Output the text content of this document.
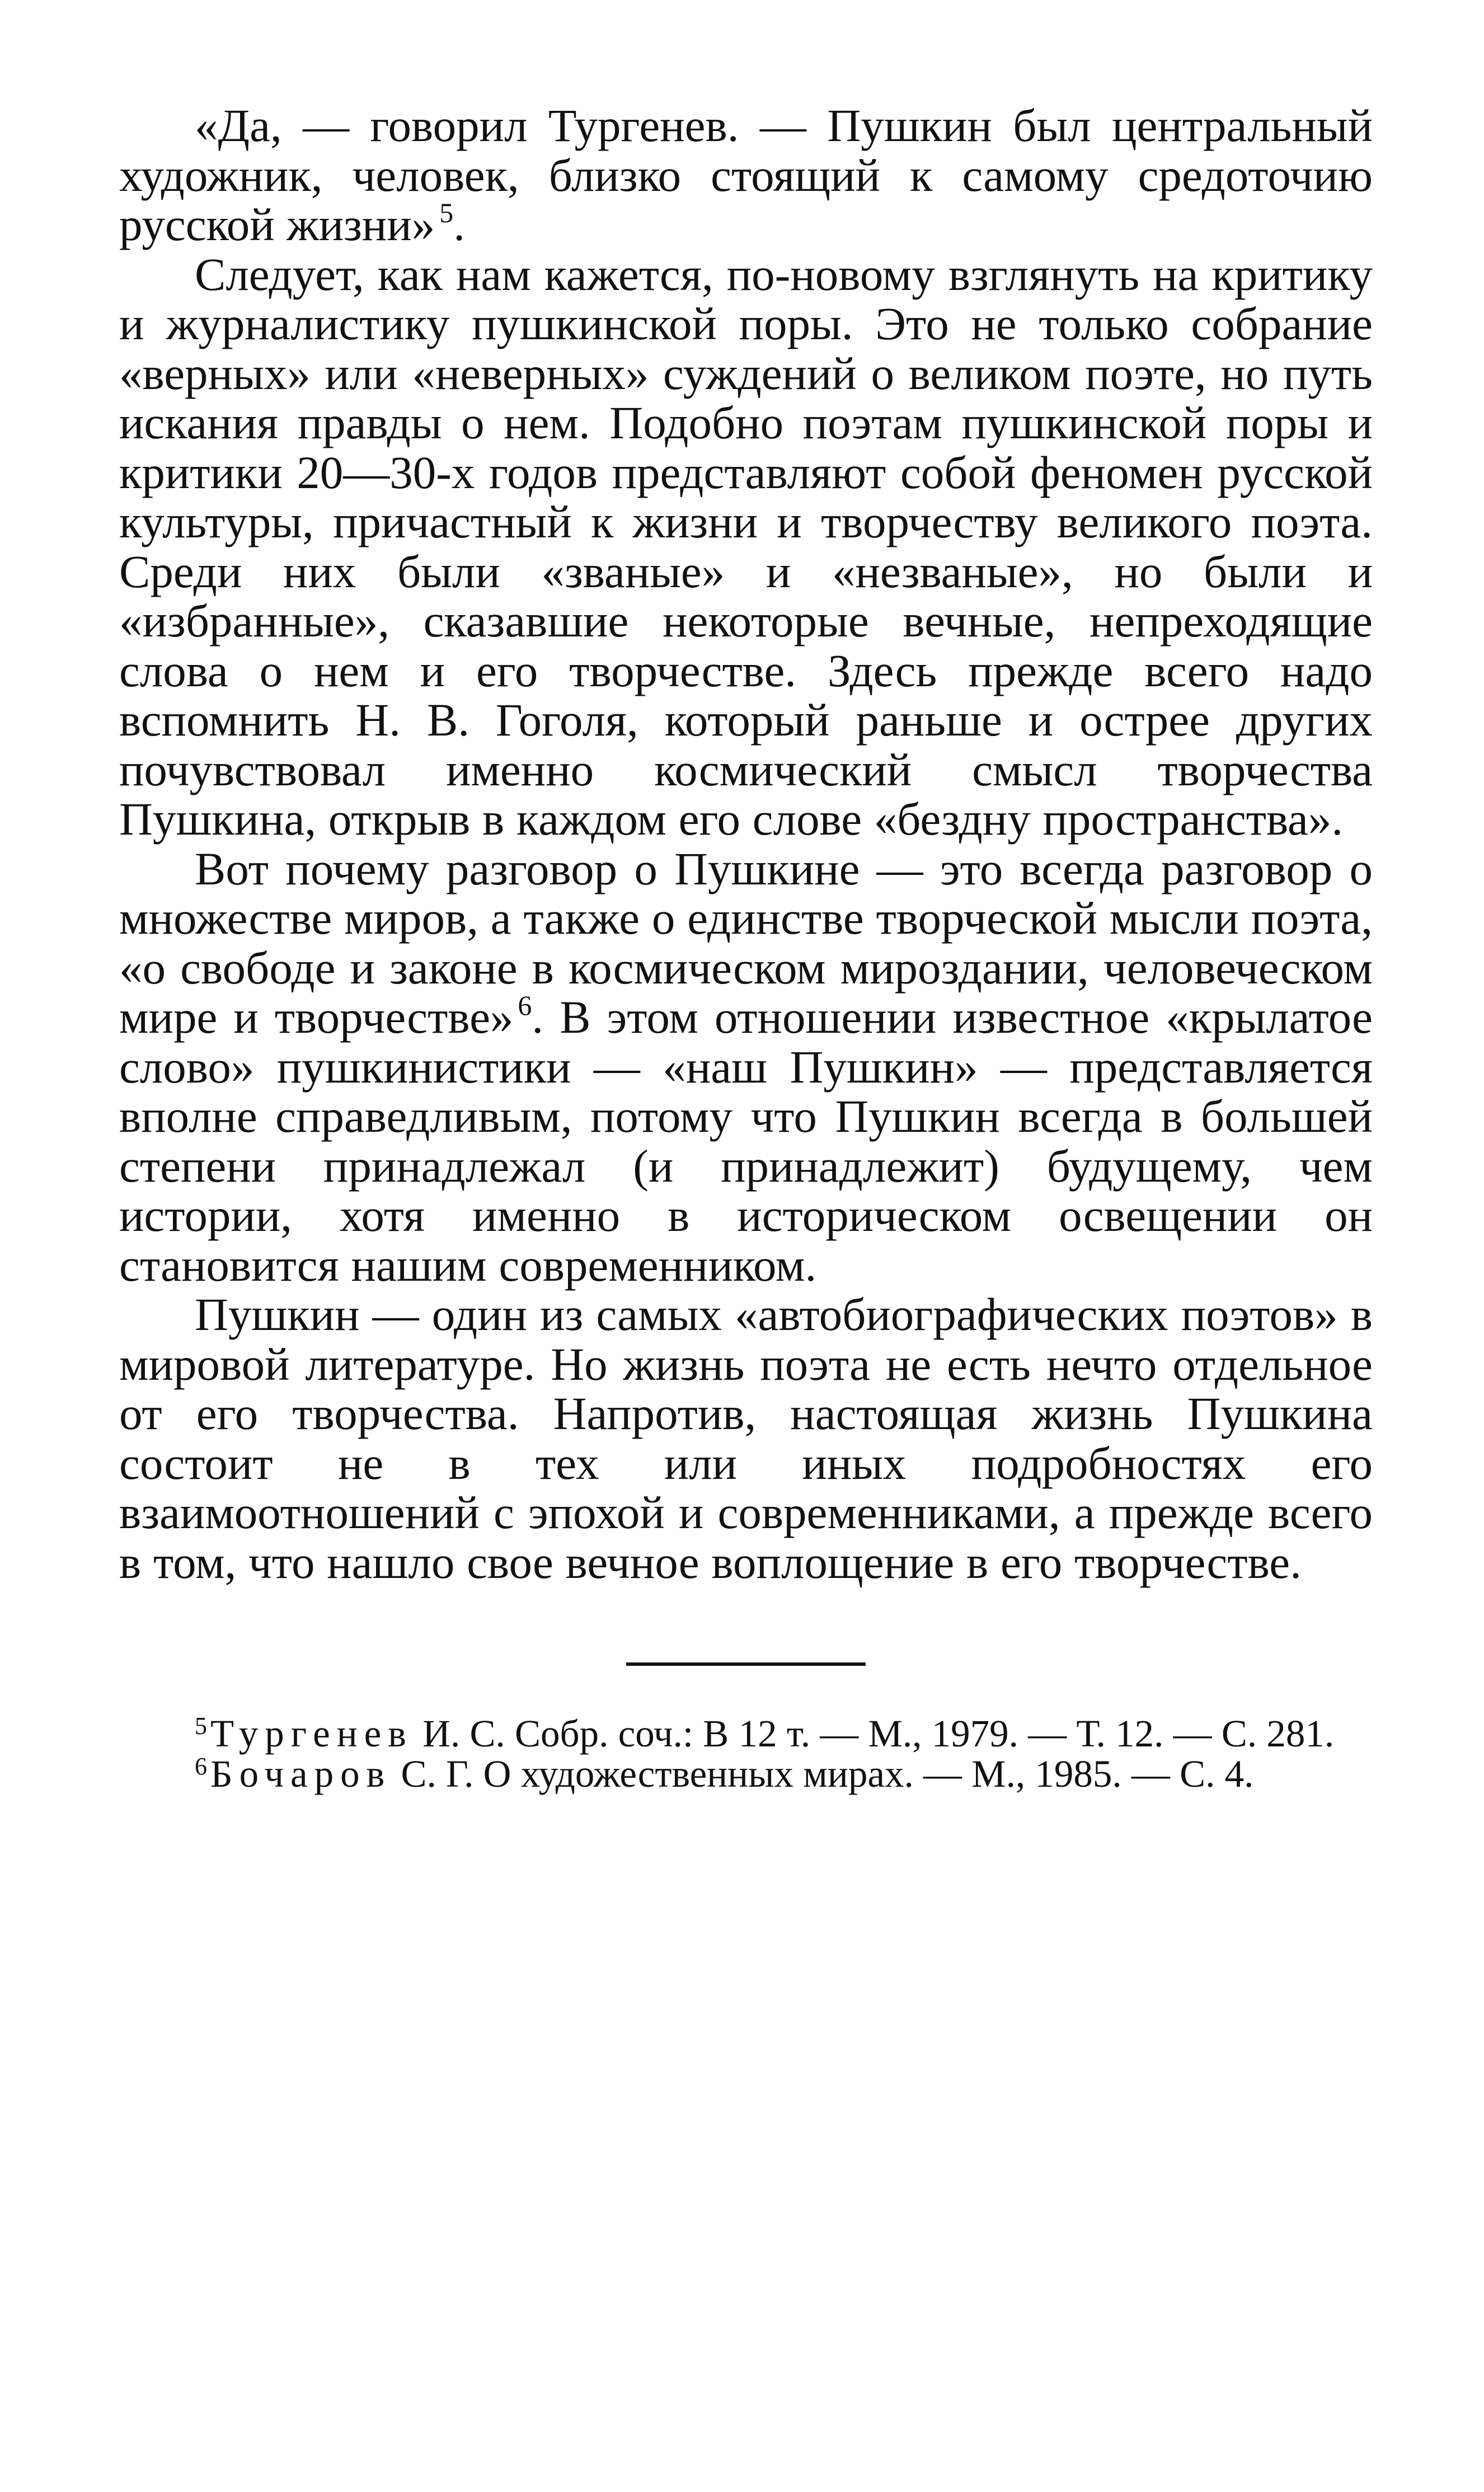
«Да, — говорил Тургенев. — Пушкин был центральный художник, человек, близко стоящий к самому средоточию русской жизни» $^5$.

Следует, как нам кажется, по-новому взглянуть на критику и журналистику пушкинской поры. Это не только собрание «верных» или «неверных» суждений о великом поэте, но путь искания правды о нем. Подобно поэтам пушкинской поры и критики 20—30-х годов представляют собой феномен русской культуры, причастный к жизни и творчеству великого поэта. Среди них были «званые» и «незваные», но были и «избранные», сказавшие некоторые вечные, непреходящие слова о нем и его творчестве. Здесь прежде всего надо вспомнить Н. В. Гоголя, который раньше и острее других почувствовал именно космический смысл творчества Пушкина, открыв в каждом его слове «бездну пространства».

Вот почему разговор о Пушкине — это всегда разговор о множестве миров, а также о единстве творческой мысли поэта, «о свободе и законе в космическом мироздании, человеческом мире и творчестве» $^6$. В этом отношении известное «крылатое слово» пушкинистики — «наш Пушкин» — представляется вполне справедливым, потому что Пушкин всегда в большей степени принадлежал (и принадлежит) будущему, чем истории, хотя именно в историческом освещении он становится нашим современником.

Пушкин — один из самых «автобиографических поэтов» в мировой литературе. Но жизнь поэта не есть нечто отдельное от его творчества. Напротив, настоящая жизнь Пушкина состоит не в тех или иных подробностях его взаимоотношений с эпохой и современниками, а прежде всего в том, что нашло свое вечное воплощение в его творчестве.

$^5$Тургенев И. С. Собр. соч.: В 12 т. — М., 1979. — Т. 12. — С. 281.

$^6$Бочаров С. Г. О художественных мирах. — М., 1985. — С. 4.
